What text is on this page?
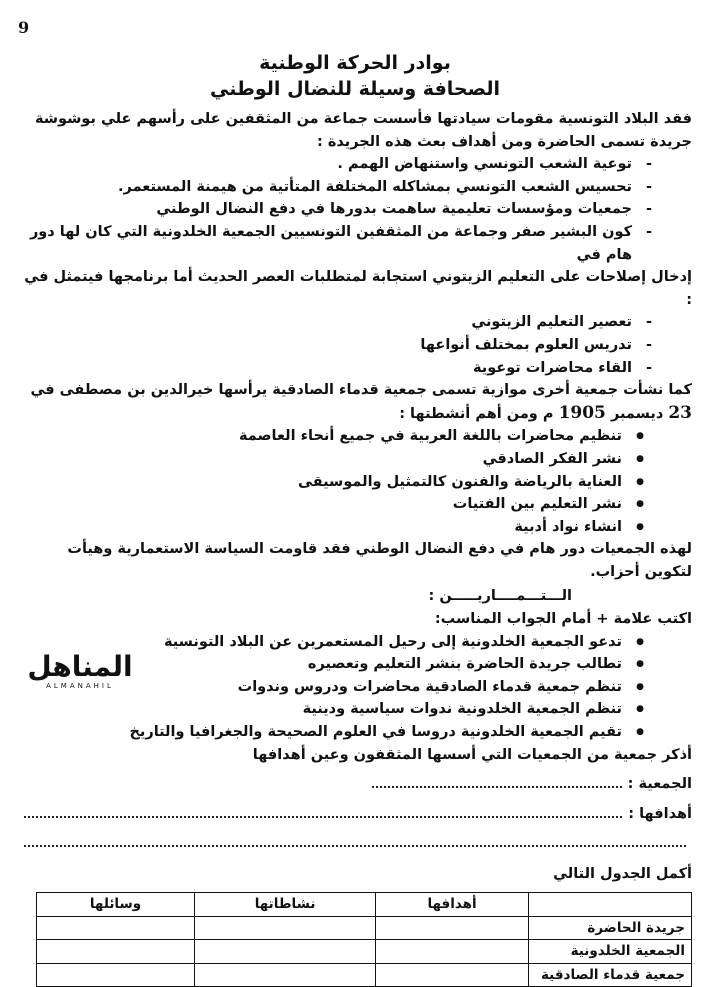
9
المناهل
ALMANAHIL

بوادر الحركة الوطنية

الصحافة وسيلة للنضال الوطني

فقد البلاد التونسية مقومات سيادتها فأسست جماعة من المثقفين على رأسهم علي بوشوشة جريدة تسمى الحاضرة ومن أهداف بعث هذه الجريدة :

- توعية الشعب التونسي واستنهاض الهمم .
- تحسيس الشعب التونسي بمشاكله المختلفة المتأتية من هيمنة المستعمر.
- جمعيات ومؤسسات تعليمية ساهمت بدورها في دفع النضال الوطني
- كون البشير صفر وجماعة من المثقفين التونسيين الجمعية الخلدونية التي كان لها دور هام في

إدخال إصلاحات على التعليم الزيتوني استجابة لمتطلبات العصر الحديث أما برنامجها فيتمثل في :

- تعصير التعليم الزيتوني
- تدريس العلوم بمختلف أنواعها
- القاء محاضرات توعوية

كما نشأت جمعية أخرى موازية تسمى جمعية قدماء الصادقية يرأسها خيرالدين بن مصطفى في 23 ديسمبر 1905 م ومن أهم أنشطتها :

● تنظيم محاضرات باللغة العربية في جميع أنحاء العاصمة
● نشر الفكر الصادقي
● العناية بالرياضة والفنون كالتمثيل والموسيقى
● نشر التعليم بين الفتيات
● انشاء نواد أدبية

لهذه الجمعيات دور هام في دفع النضال الوطني فقد قاومت السياسة الاستعمارية وهيأت لتكوين أحزاب.

الـــتـــمــــاريـــــن :

اكتب علامة + أمام الجواب المناسب:

● تدعو الجمعية الخلدونية إلى رحيل المستعمرين عن البلاد التونسية
● تطالب جريدة الحاضرة بنشر التعليم وتعصيره
● تنظم جمعية قدماء الصادقية محاضرات ودروس وندوات
● تنظم الجمعية الخلدونية ندوات سياسية ودينية
● تقيم الجمعية الخلدونية دروسا في العلوم الصحيحة والجغرافيا والتاريخ

أذكر جمعية من الجمعيات التي أسسها المثقفون وعين أهدافها

الجمعية :
أهدافها :

أكمل الجدول التالي

	أهدافها	نشاطاتها	وسائلها
جريدة الحاضرة			
الجمعية الخلدونية			
جمعية قدماء الصادقية			
